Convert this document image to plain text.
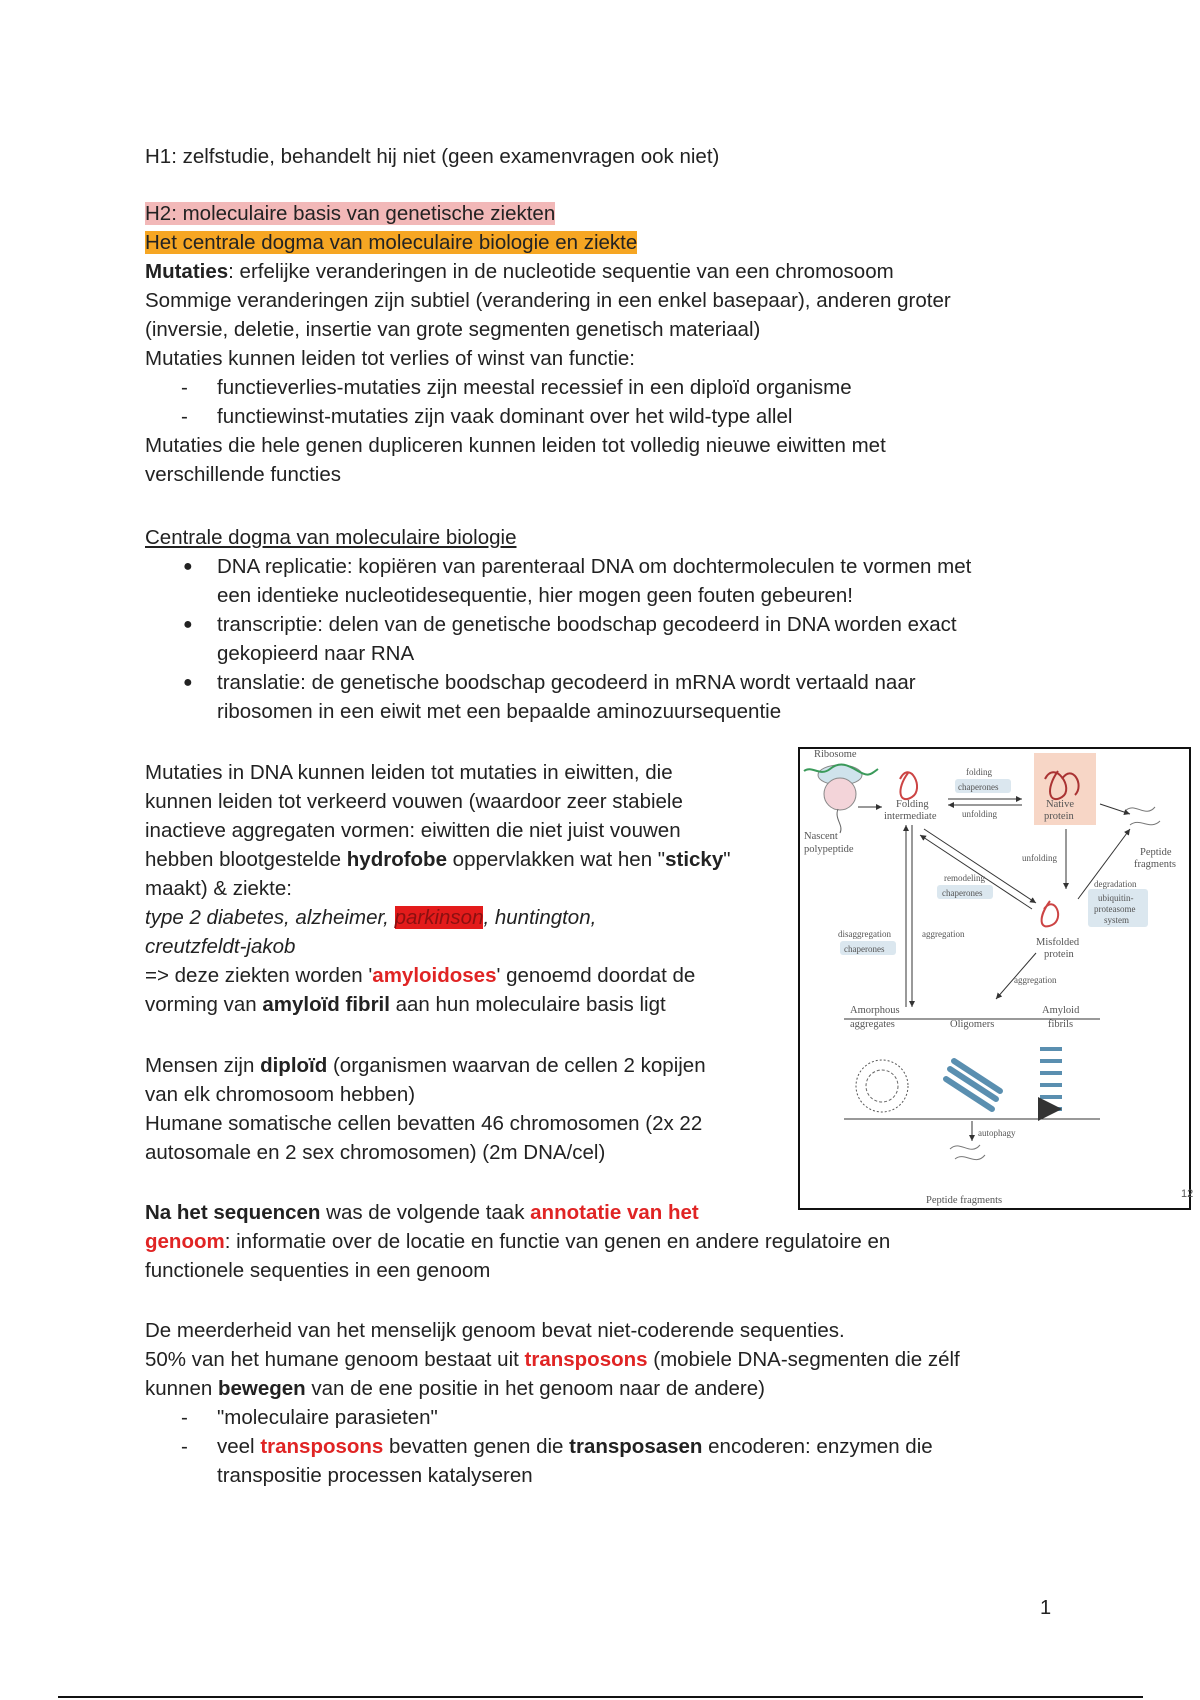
H1: zelfstudie, behandelt hij niet (geen examenvragen ook niet)
H2: moleculaire basis van genetische ziekten
Het centrale dogma van moleculaire biologie en ziekte
Mutaties: erfelijke veranderingen in de nucleotide sequentie van een chromosoom
Sommige veranderingen zijn subtiel (verandering in een enkel basepaar), anderen groter
(inversie, deletie, insertie van grote segmenten genetisch materiaal)
Mutaties kunnen leiden tot verlies of winst van functie:
- functieverlies-mutaties zijn meestal recessief in een diploïd organisme
- functiewinst-mutaties zijn vaak dominant over het wild-type allel
Mutaties die hele genen dupliceren kunnen leiden tot volledig nieuwe eiwitten met
verschillende functies
Centrale dogma van moleculaire biologie
● DNA replicatie: kopiëren van parenteraal DNA om dochtermoleculen te vormen met
een identieke nucleotidesequentie, hier mogen geen fouten gebeuren!
● transcriptie: delen van de genetische boodschap gecodeerd in DNA worden exact
gekopieerd naar RNA
● translatie: de genetische boodschap gecodeerd in mRNA wordt vertaald naar
ribosomen in een eiwit met een bepaalde aminozuursequentie
Mutaties in DNA kunnen leiden tot mutaties in eiwitten, die
kunnen leiden tot verkeerd vouwen (waardoor zeer stabiele
inactieve aggregaten vormen: eiwitten die niet juist vouwen
hebben blootgestelde hydrofobe oppervlakken wat hen "sticky"
maakt) & ziekte:
type 2 diabetes, alzheimer, parkinson, huntington,
creutzfeldt-jakob
=> deze ziekten worden 'amyloidoses' genoemd doordat de
vorming van amyloïd fibril aan hun moleculaire basis ligt
Mensen zijn diploïd (organismen waarvan de cellen 2 kopijen
van elk chromosoom hebben)
Humane somatische cellen bevatten 46 chromosomen (2x 22
autosomale en 2 sex chromosomen) (2m DNA/cel)
Na het sequencen was de volgende taak annotatie van het
genoom: informatie over de locatie en functie van genen en andere regulatoire en
functionele sequenties in een genoom
De meerderheid van het menselijk genoom bevat niet-coderende sequenties.
50% van het humane genoom bestaat uit transposons (mobiele DNA-segmenten die zélf
kunnen bewegen van de ene positie in het genoom naar de andere)
- "moleculaire parasieten"
- veel transposons bevatten genen die transposasen encoderen: enzymen die
transpositie processen katalyseren
Ribosome
Nascent
polypeptide
Folding
intermediate
folding
chaperones
unfolding
Native
protein
Peptide
fragments
unfolding
degradation
ubiquitin-
proteasome
system
remodeling
chaperones
disaggregation
chaperones
aggregation
Misfolded
protein
aggregation
Amorphous
aggregates	Oligomers
Amyloid
fibrils
autophagy
Peptide fragments
12
1
